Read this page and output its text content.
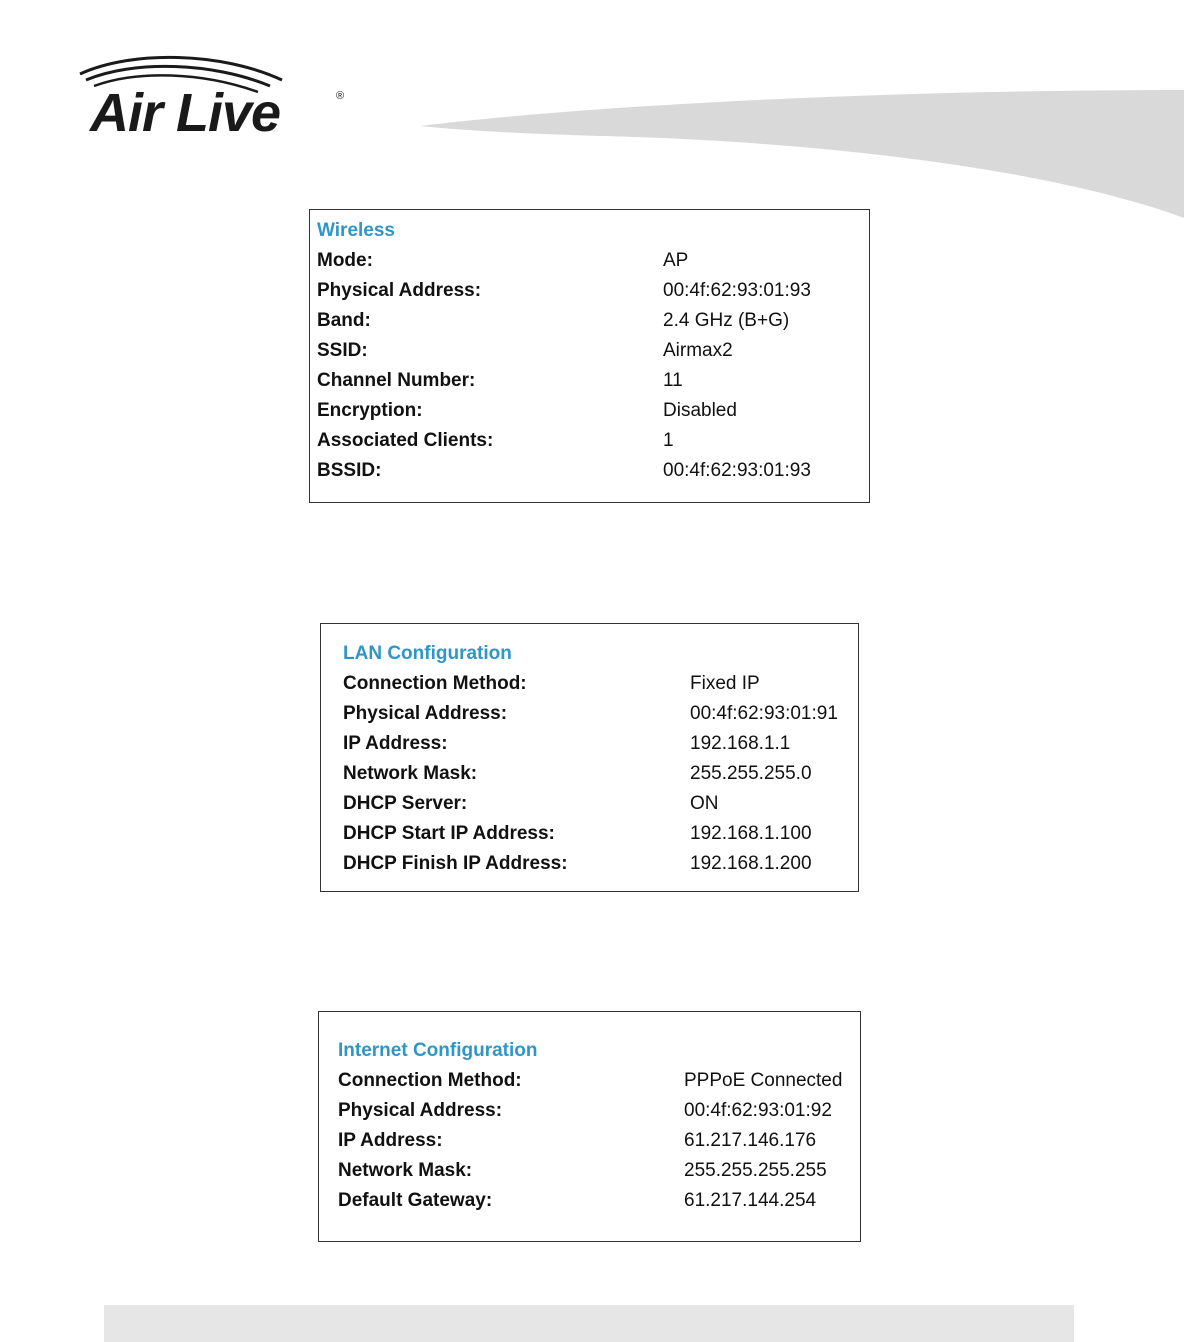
Air Live	®
Wireless
Mode:	AP
Physical Address:	00:4f:62:93:01:93
Band:	2.4 GHz (B+G)
SSID:	Airmax2
Channel Number:	11
Encryption:	Disabled
Associated Clients:	1
BSSID:	00:4f:62:93:01:93
LAN Configuration
Connection Method:	Fixed IP
Physical Address:	00:4f:62:93:01:91
IP Address:	192.168.1.1
Network Mask:	255.255.255.0
DHCP Server:	ON
DHCP Start IP Address:	192.168.1.100
DHCP Finish IP Address:	192.168.1.200
Internet Configuration
Connection Method:	PPPoE Connected
Physical Address:	00:4f:62:93:01:92
IP Address:	61.217.146.176
Network Mask:	255.255.255.255
Default Gateway:	61.217.144.254
